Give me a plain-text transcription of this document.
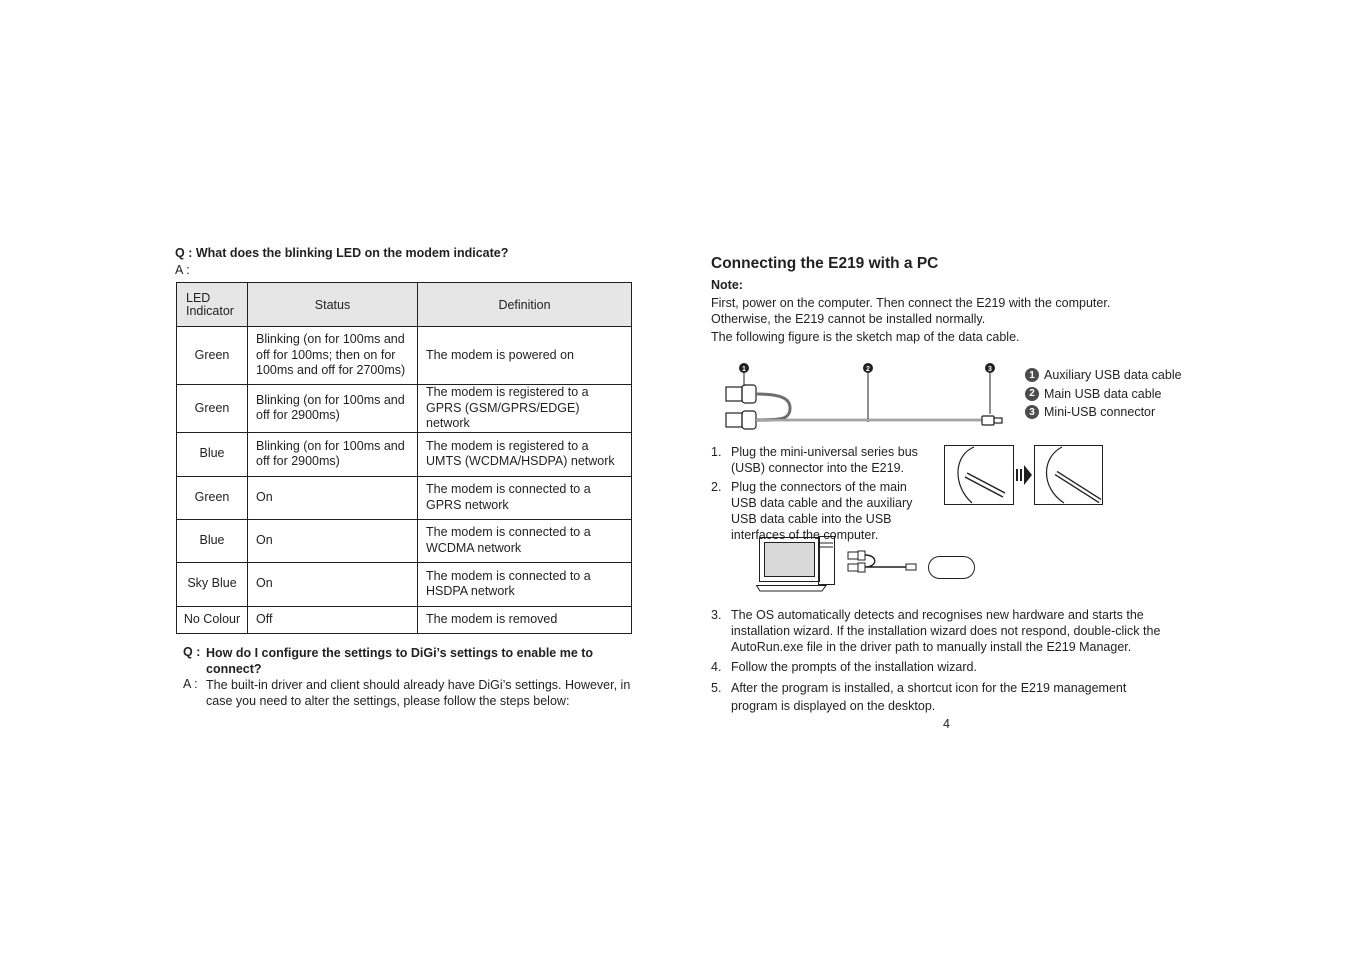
Q : What does the blinking LED on the modem indicate?
A :
LED Indicator	Status	Definition
Green	Blinking (on for 100ms and off for 100ms; then on for 100ms and off for 2700ms)	The modem is powered on
Green	Blinking (on for 100ms and off for 2900ms)	The modem is registered to a GPRS (GSM/GPRS/EDGE) network
Blue	Blinking (on for 100ms and off for 2900ms)	The modem is registered to a UMTS (WCDMA/HSDPA) network
Green	On	The modem is connected to a GPRS network
Blue	On	The modem is connected to a WCDMA network
Sky Blue	On	The modem is connected to a HSDPA network
No Colour	Off	The modem is removed
Q : How do I configure the settings to DiGi’s settings to enable me to connect?
A : The built-in driver and client should already have DiGi’s settings. However, in case you need to alter the settings, please follow the steps below:
Connecting the E219 with a PC
Note:
First, power on the computer. Then connect the E219 with the computer. Otherwise, the E219 cannot be installed normally.
The following figure is the sketch map of the data cable.
1	2	3
1 Auxiliary USB data cable
2 Main USB data cable
3 Mini-USB connector
1. Plug the mini-universal series bus (USB) connector into the E219.
2. Plug the connectors of the main USB data cable and the auxiliary USB data cable into the USB interfaces of the computer.
3. The OS automatically detects and recognises new hardware and starts the installation wizard. If the installation wizard does not respond, double-click the AutoRun.exe file in the driver path to manually install the E219 Manager.
4. Follow the prompts of the installation wizard.
5. After the program is installed, a shortcut icon for the E219 management program is displayed on the desktop.
4
